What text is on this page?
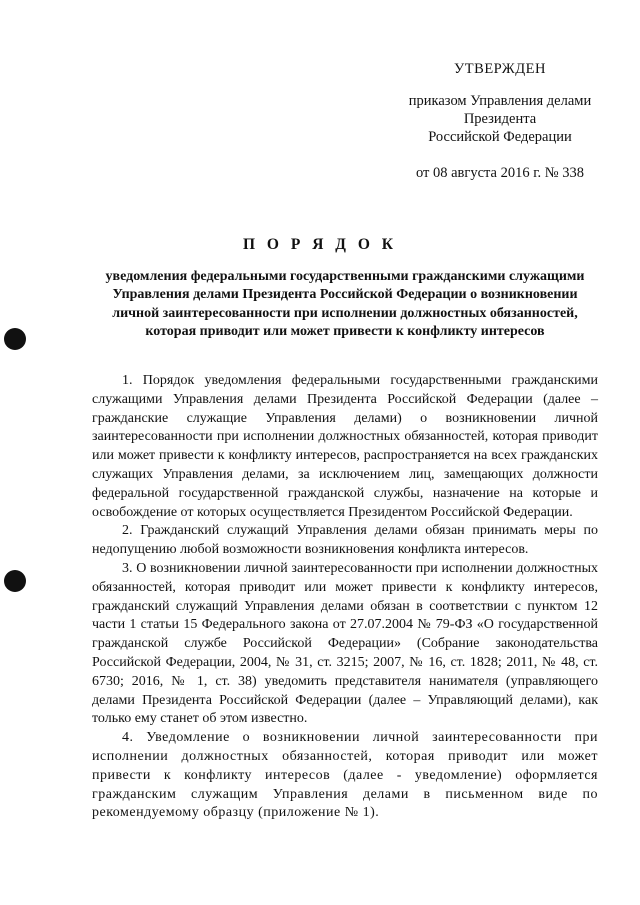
УТВЕРЖДЕН
приказом Управления делами
Президента
Российской Федерации
от 08 августа 2016 г. № 338
П О Р Я Д О К
уведомления федеральными государственными гражданскими служащими Управления делами Президента Российской Федерации о возникновении личной заинтересованности при исполнении должностных обязанностей, которая приводит или может привести к конфликту интересов

1. Порядок уведомления федеральными государственными гражданскими служащими Управления делами Президента Российской Федерации (далее – гражданские служащие Управления делами) о возникновении личной заинтересованности при исполнении должностных обязанностей, которая приводит или может привести к конфликту интересов, распространяется на всех гражданских служащих Управления делами, за исключением лиц, замещающих должности федеральной государственной гражданской службы, назначение на которые и освобождение от которых осуществляется Президентом Российской Федерации.

2. Гражданский служащий Управления делами обязан принимать меры по недопущению любой возможности возникновения конфликта интересов.

3. О возникновении личной заинтересованности при исполнении должностных обязанностей, которая приводит или может привести к конфликту интересов, гражданский служащий Управления делами обязан в соответствии с пунктом 12 части 1 статьи 15 Федерального закона от 27.07.2004 № 79-ФЗ «О государственной гражданской службе Российской Федерации» (Собрание законодательства Российской Федерации, 2004, № 31, ст. 3215; 2007, № 16, ст. 1828; 2011, № 48, ст. 6730; 2016, № 1, ст. 38) уведомить представителя нанимателя (управляющего делами Президента Российской Федерации (далее – Управляющий делами), как только ему станет об этом известно.

4. Уведомление о возникновении личной заинтересованности при исполнении должностных обязанностей, которая приводит или может привести к конфликту интересов (далее - уведомление) оформляется гражданским служащим Управления делами в письменном виде по рекомендуемому образцу (приложение № 1).
